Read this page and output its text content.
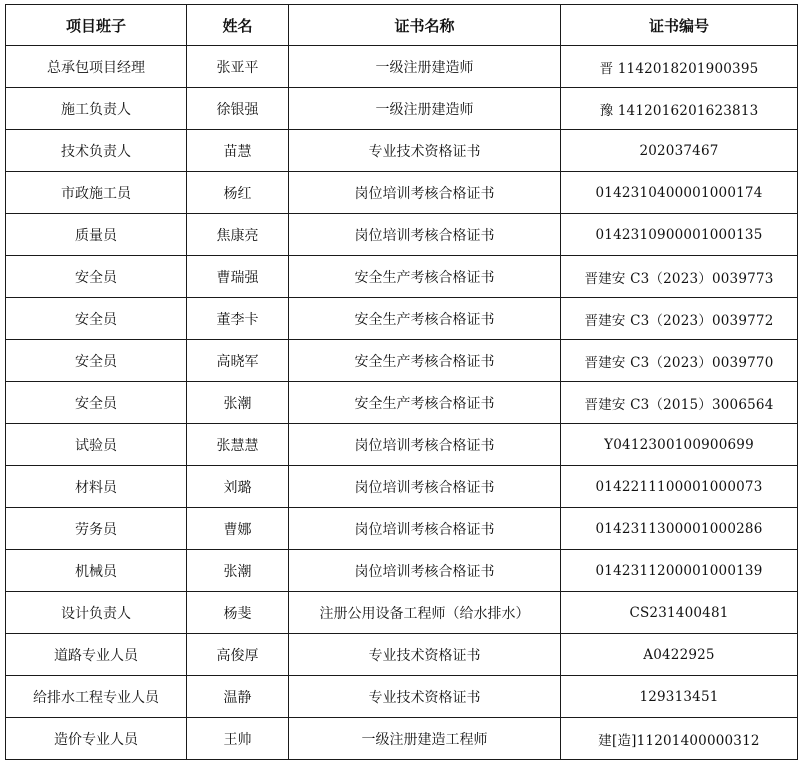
项目班子	姓名	证书名称	证书编号
总承包项目经理	张亚平	一级注册建造师	晋 1142018201900395
施工负责人	徐银强	一级注册建造师	豫 1412016201623813
技术负责人	苗慧	专业技术资格证书	202037467
市政施工员	杨红	岗位培训考核合格证书	0142310400001000174
质量员	焦康亮	岗位培训考核合格证书	0142310900001000135
安全员	曹瑞强	安全生产考核合格证书	晋建安 C3（2023）0039773
安全员	董李卡	安全生产考核合格证书	晋建安 C3（2023）0039772
安全员	高晓军	安全生产考核合格证书	晋建安 C3（2023）0039770
安全员	张潮	安全生产考核合格证书	晋建安 C3（2015）3006564
试验员	张慧慧	岗位培训考核合格证书	Y0412300100900699
材料员	刘璐	岗位培训考核合格证书	0142211100001000073
劳务员	曹娜	岗位培训考核合格证书	0142311300001000286
机械员	张潮	岗位培训考核合格证书	0142311200001000139
设计负责人	杨斐	注册公用设备工程师（给水排水）	CS231400481
道路专业人员	高俊厚	专业技术资格证书	A0422925
给排水工程专业人员	温静	专业技术资格证书	129313451
造价专业人员	王帅	一级注册建造工程师	建[造]11201400000312
